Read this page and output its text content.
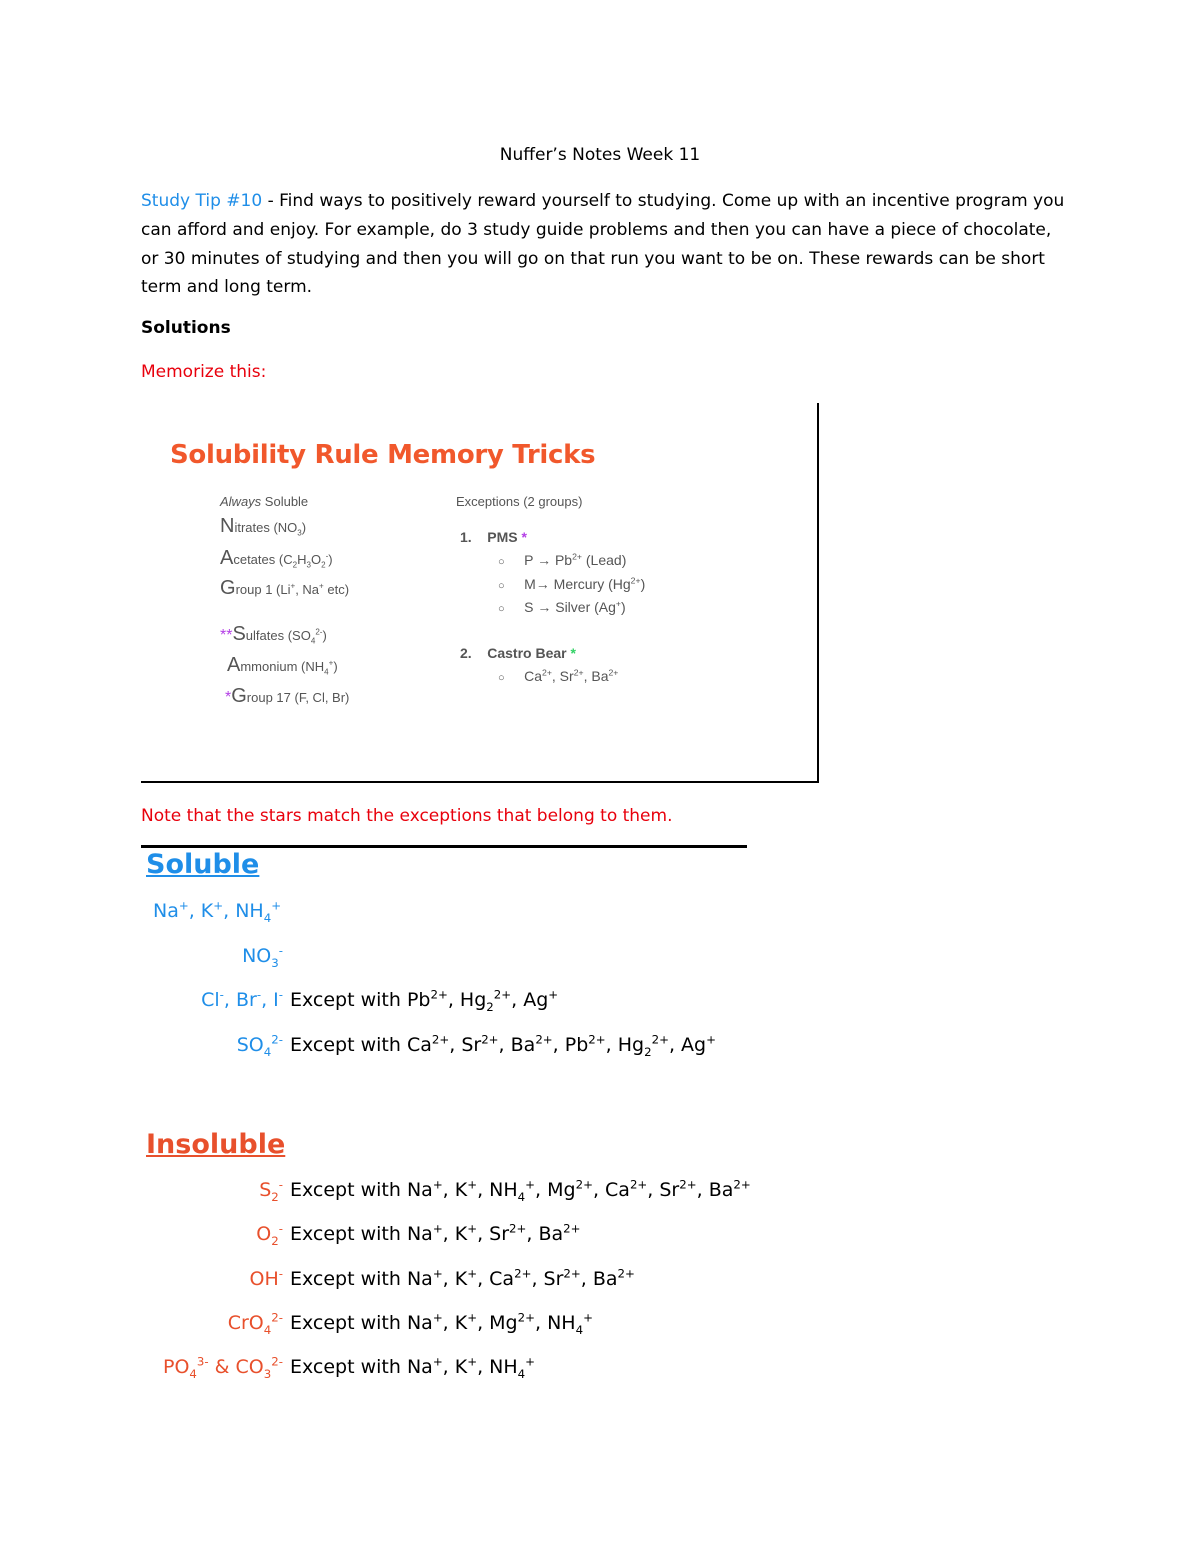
Nuffer’s Notes Week 11
Study Tip #10 - Find ways to positively reward yourself to studying. Come up with an incentive program you can afford and enjoy. For example, do 3 study guide problems and then you can have a piece of chocolate, or 30 minutes of studying and then you will go on that run you want to be on. These rewards can be short term and long term.
Solutions
Memorize this:
Solubility Rule Memory Tricks
Always Soluble	Exceptions (2 groups)
Nitrates $(NO_3)$
Acetates $(C_2H_3O_2^-)$
Group 1 (Li+, Na+ etc)
**Sulfates $(SO_4^{2-})$
Ammonium $(NH_4^+)$
*Group 17 (F, Cl, Br)
1. PMS *
○ $P \to Pb^{2+}$ (Lead)
○ M→ Mercury $(Hg^{2+})$
○ S → Silver (Ag+)
2. Castro Bear *
○ $Ca^{2+}$, $Sr^{2+}$, $Ba^{2+}$
Note that the stars match the exceptions that belong to them.
Soluble
Na+, K+, $NH_4^+$
$NO_3^-$
Cl-, Br-, I- Except with $Pb^{2+}$, $Hg_2^{2+}$, Ag+
$SO_4^{2-}$ Except with $Ca^{2+}$, $Sr^{2+}$, $Ba^{2+}$, $Pb^{2+}$, $Hg_2^{2+}$, Ag+
Insoluble
$S_2^-$ Except with Na+, K+, $NH_4^+$, $Mg^{2+}$, $Ca^{2+}$, $Sr^{2+}$, $Ba^{2+}$
$O_2^-$ Except with Na+, K+, $Sr^{2+}$, $Ba^{2+}$
OH- Except with Na+, K+, $Ca^{2+}$, $Sr^{2+}$, $Ba^{2+}$
CrO$_4^{2-}$ Except with Na+, K+, $Mg^{2+}$, $NH_4^+$
$PO_4^{3-}$ & $CO_3^{2-}$ Except with Na+, K+, $NH_4^+$
